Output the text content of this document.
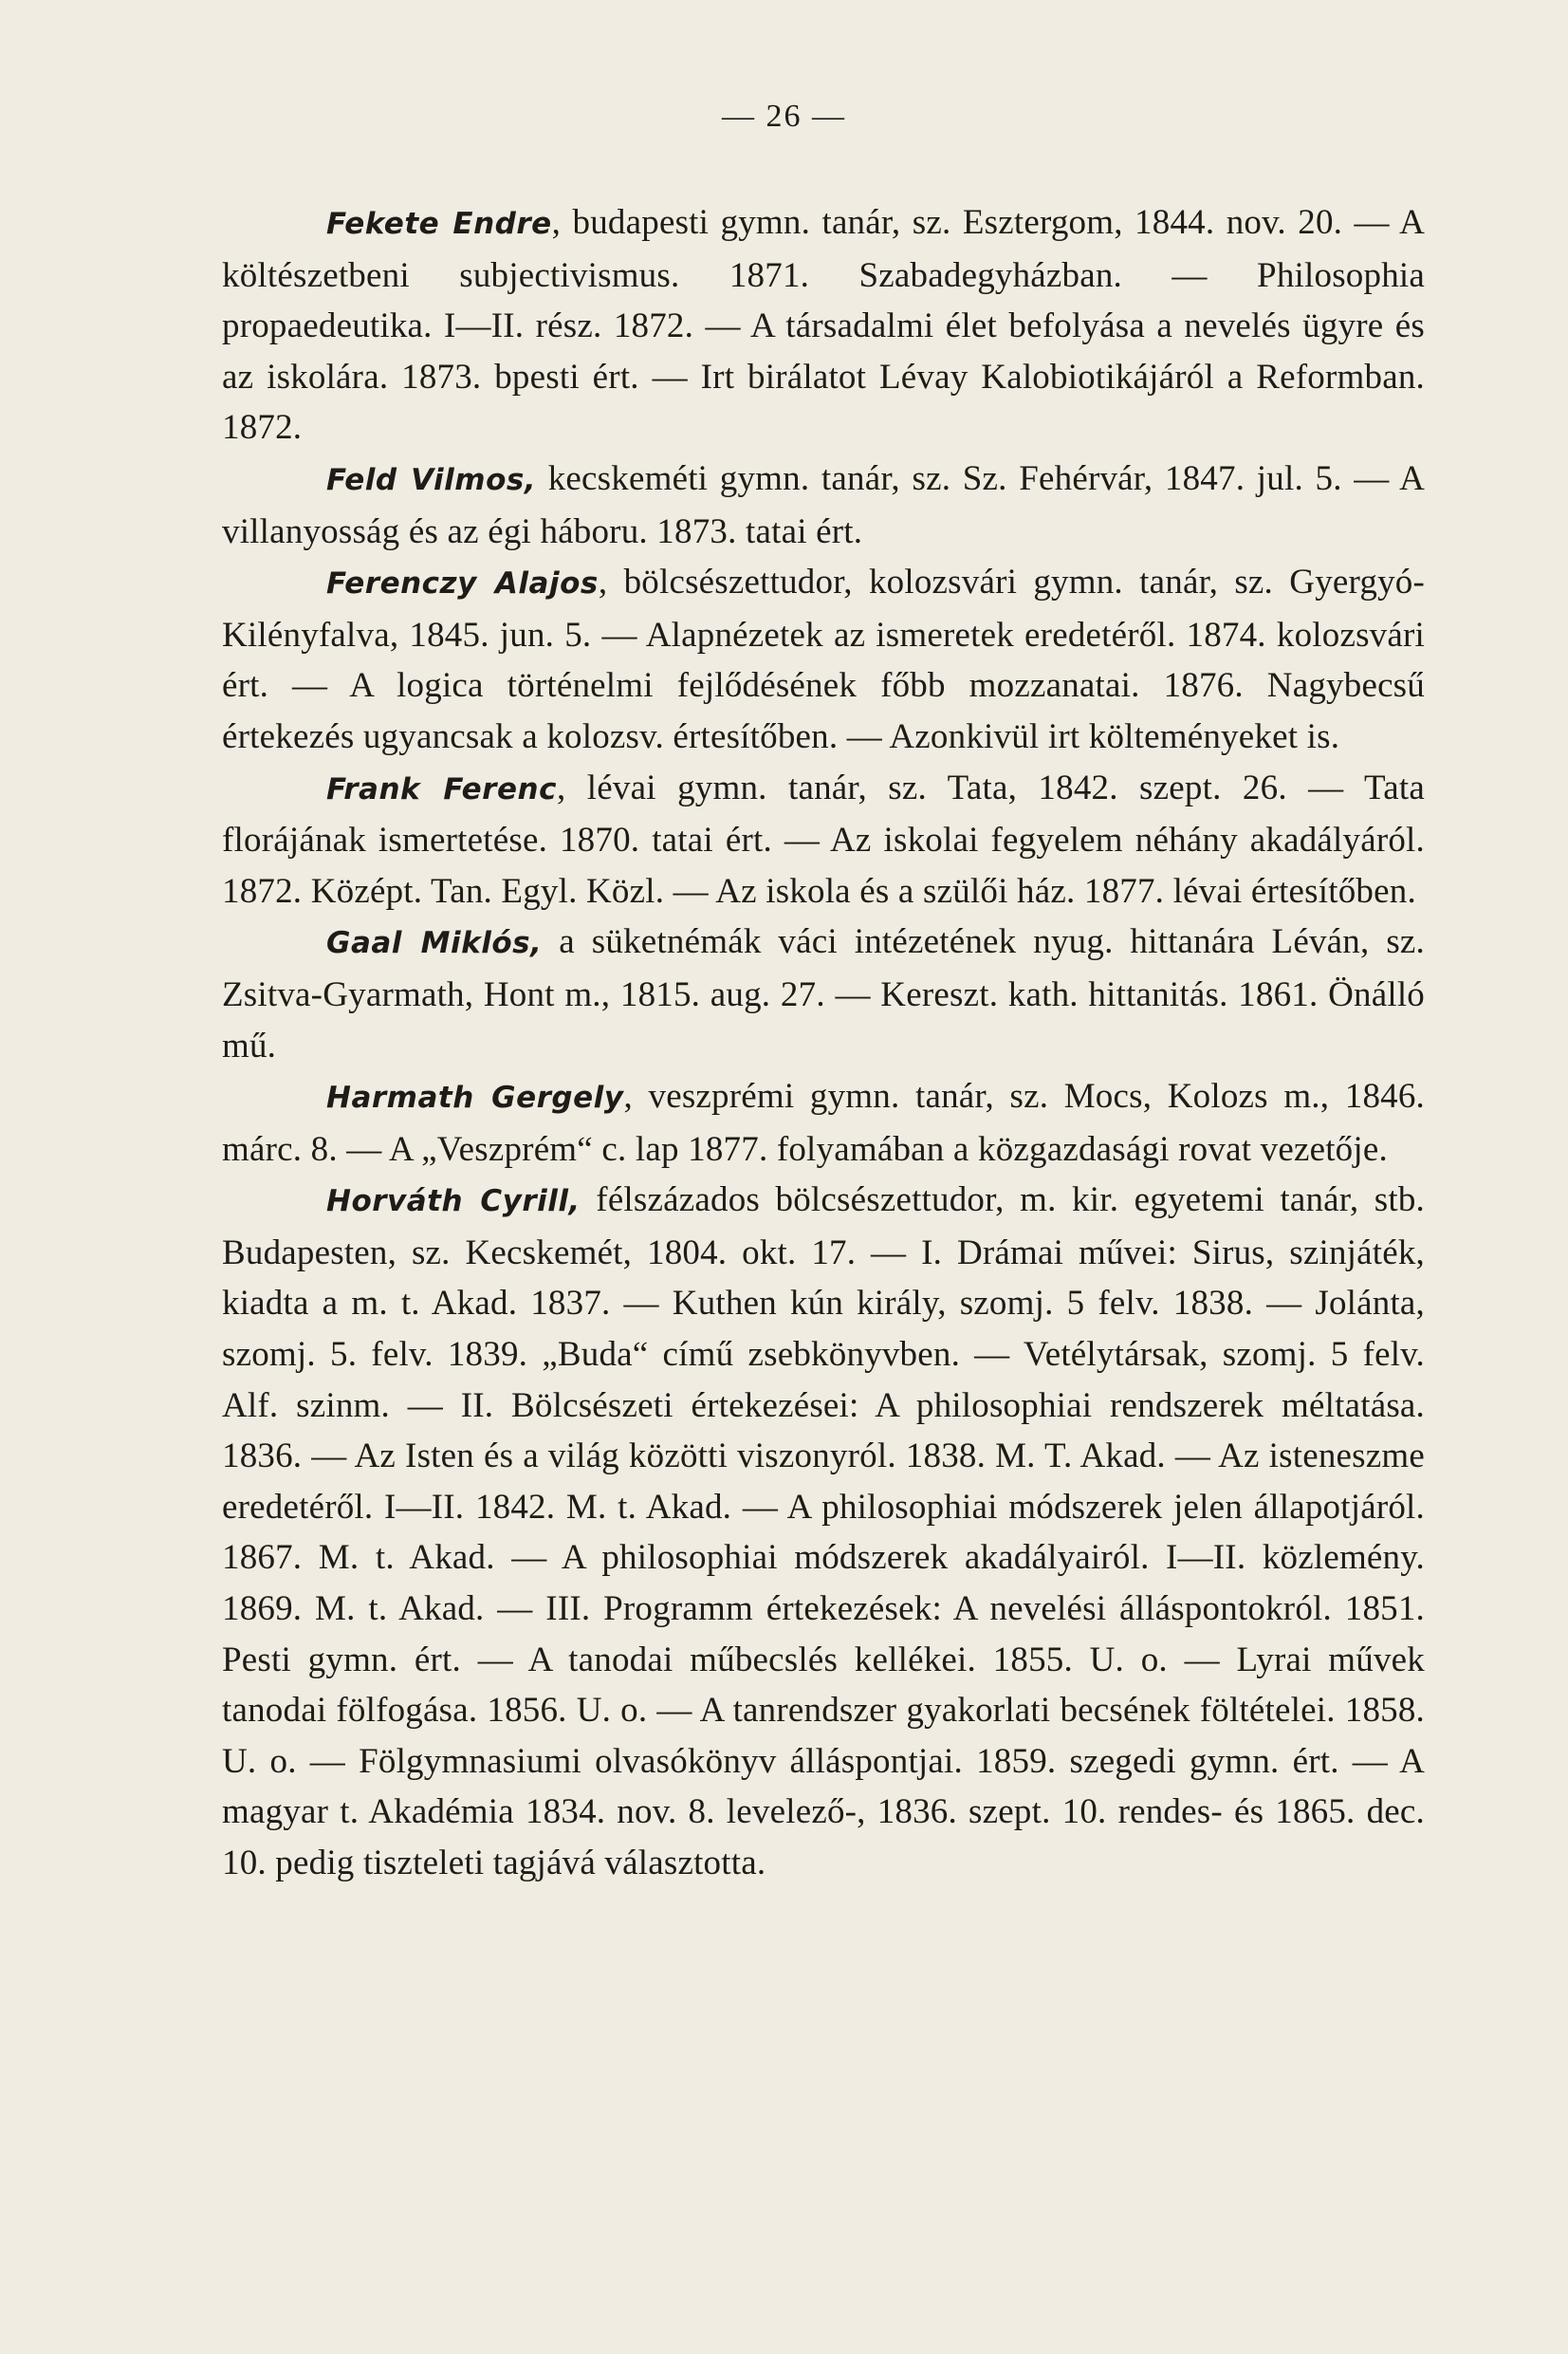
— 26 —

Fekete Endre, budapesti gymn. tanár, sz. Esztergom, 1844. nov. 20. — A költészetbeni subjectivismus. 1871. Szabadegyházban. — Philosophia propaedeutika. I—II. rész. 1872. — A társadalmi élet befolyása a nevelés ügyre és az iskolára. 1873. bpesti ért. — Irt birálatot Lévay Kalobiotikájáról a Reformban. 1872.

Feld Vilmos, kecskeméti gymn. tanár, sz. Sz. Fehérvár, 1847. jul. 5. — A villanyosság és az égi háboru. 1873. tatai ért.

Ferenczy Alajos, bölcsészettudor, kolozsvári gymn. tanár, sz. Gyergyó-Kilényfalva, 1845. jun. 5. — Alapnézetek az ismeretek eredetéről. 1874. kolozsvári ért. — A logica történelmi fejlődésének főbb mozzanatai. 1876. Nagybecsű értekezés ugyancsak a kolozsv. értesítőben. — Azonkivül irt költeményeket is.

Frank Ferenc, lévai gymn. tanár, sz. Tata, 1842. szept. 26. — Tata florájának ismertetése. 1870. tatai ért. — Az iskolai fegyelem néhány akadályáról. 1872. Középt. Tan. Egyl. Közl. — Az iskola és a szülői ház. 1877. lévai értesítőben.

Gaal Miklós, a süketnémák váci intézetének nyug. hittanára Léván, sz. Zsitva-Gyarmath, Hont m., 1815. aug. 27. — Kereszt. kath. hittanitás. 1861. Önálló mű.

Harmath Gergely, veszprémi gymn. tanár, sz. Mocs, Kolozs m., 1846. márc. 8. — A „Veszprém“ c. lap 1877. folyamában a közgazdasági rovat vezetője.

Horváth Cyrill, félszázados bölcsészettudor, m. kir. egyetemi tanár, stb. Budapesten, sz. Kecskemét, 1804. okt. 17. — I. Drámai művei: Sirus, szinjáték, kiadta a m. t. Akad. 1837. — Kuthen kún király, szomj. 5 felv. 1838. — Jolánta, szomj. 5. felv. 1839. „Buda“ című zsebkönyvben. — Vetélytársak, szomj. 5 felv. Alf. szinm. — II. Bölcsészeti értekezései: A philosophiai rendszerek méltatása. 1836. — Az Isten és a világ közötti viszonyról. 1838. M. T. Akad. — Az isteneszme eredetéről. I—II. 1842. M. t. Akad. — A philosophiai módszerek jelen állapotjáról. 1867. M. t. Akad. — A philosophiai módszerek akadályairól. I—II. közlemény. 1869. M. t. Akad. — III. Programm értekezések: A nevelési álláspontokról. 1851. Pesti gymn. ért. — A tanodai műbecslés kellékei. 1855. U. o. — Lyrai művek tanodai fölfogása. 1856. U. o. — A tanrendszer gyakorlati becsének föltételei. 1858. U. o. — Fölgymnasiumi olvasókönyv álláspontjai. 1859. szegedi gymn. ért. — A magyar t. Akadémia 1834. nov. 8. levelező-, 1836. szept. 10. rendes- és 1865. dec. 10. pedig tiszteleti tagjává választotta.
